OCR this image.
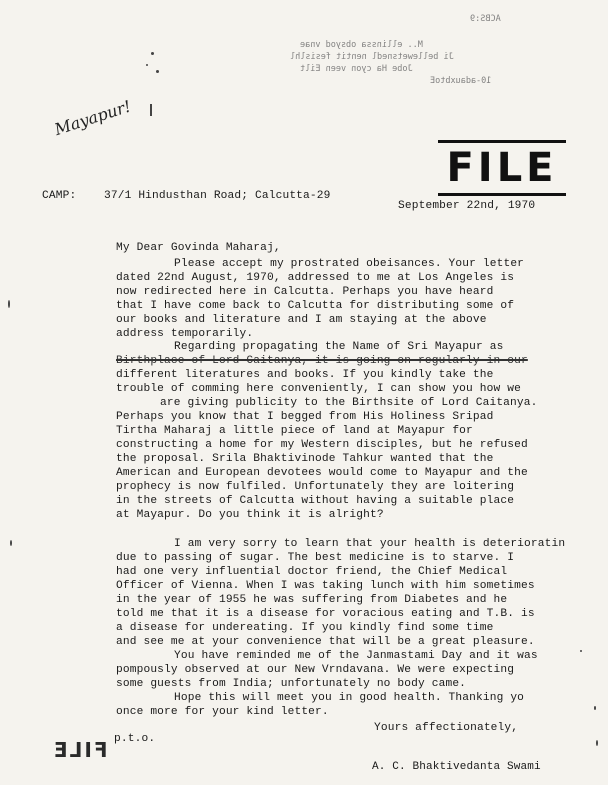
ACBS:9
M.. ellinssa obsyod vnae
Ji bellewetsnedl nentit fesislhl
Jobe Ha cyon veen Eilt
10-adauxbtoE
Mayapur!
FILE
CAMP: 37/1 Hindusthan Road; Calcutta-29
September 22nd, 1970
My Dear Govinda Maharaj,
Please accept my prostrated obeisances. Your letter
dated 22nd August, 1970, addressed to me at Los Angeles is
now redirected here in Calcutta. Perhaps you have heard
that I have come back to Calcutta for distributing some of
our books and literature and I am staying at the above
address temporarily.
Regarding propagating the Name of Sri Mayapur as
Birthplace of Lord Caitanya, it is going on regularly in our
different literatures and books. If you kindly take the
trouble of comming here conveniently, I can show you how we
are giving publicity to the Birthsite of Lord Caitanya.
Perhaps you know that I begged from His Holiness Sripad
Tirtha Maharaj a little piece of land at Mayapur for
constructing a home for my Western disciples, but he refused
the proposal. Srila Bhaktivinode Tahkur wanted that the
American and European devotees would come to Mayapur and the
prophecy is now fulfiled. Unfortunately they are loitering
in the streets of Calcutta without having a suitable place
at Mayapur. Do you think it is alright?
I am very sorry to learn that your health is deterioratin
due to passing of sugar. The best medicine is to starve. I
had one very influential doctor friend, the Chief Medical
Officer of Vienna. When I was taking lunch with him sometimes
in the year of 1955 he was suffering from Diabetes and he
told me that it is a disease for voracious eating and T.B. is
a disease for undereating. If you kindly find some time
and see me at your convenience that will be a great pleasure.
You have reminded me of the Janmastami Day and it was
pompously observed at our New Vrndavana. We were expecting
some guests from India; unfortunately no body came.
Hope this will meet you in good health. Thanking yo
once more for your kind letter.
Yours affectionately,
A. C. Bhaktivedanta Swami
p.t.o.
FILE
